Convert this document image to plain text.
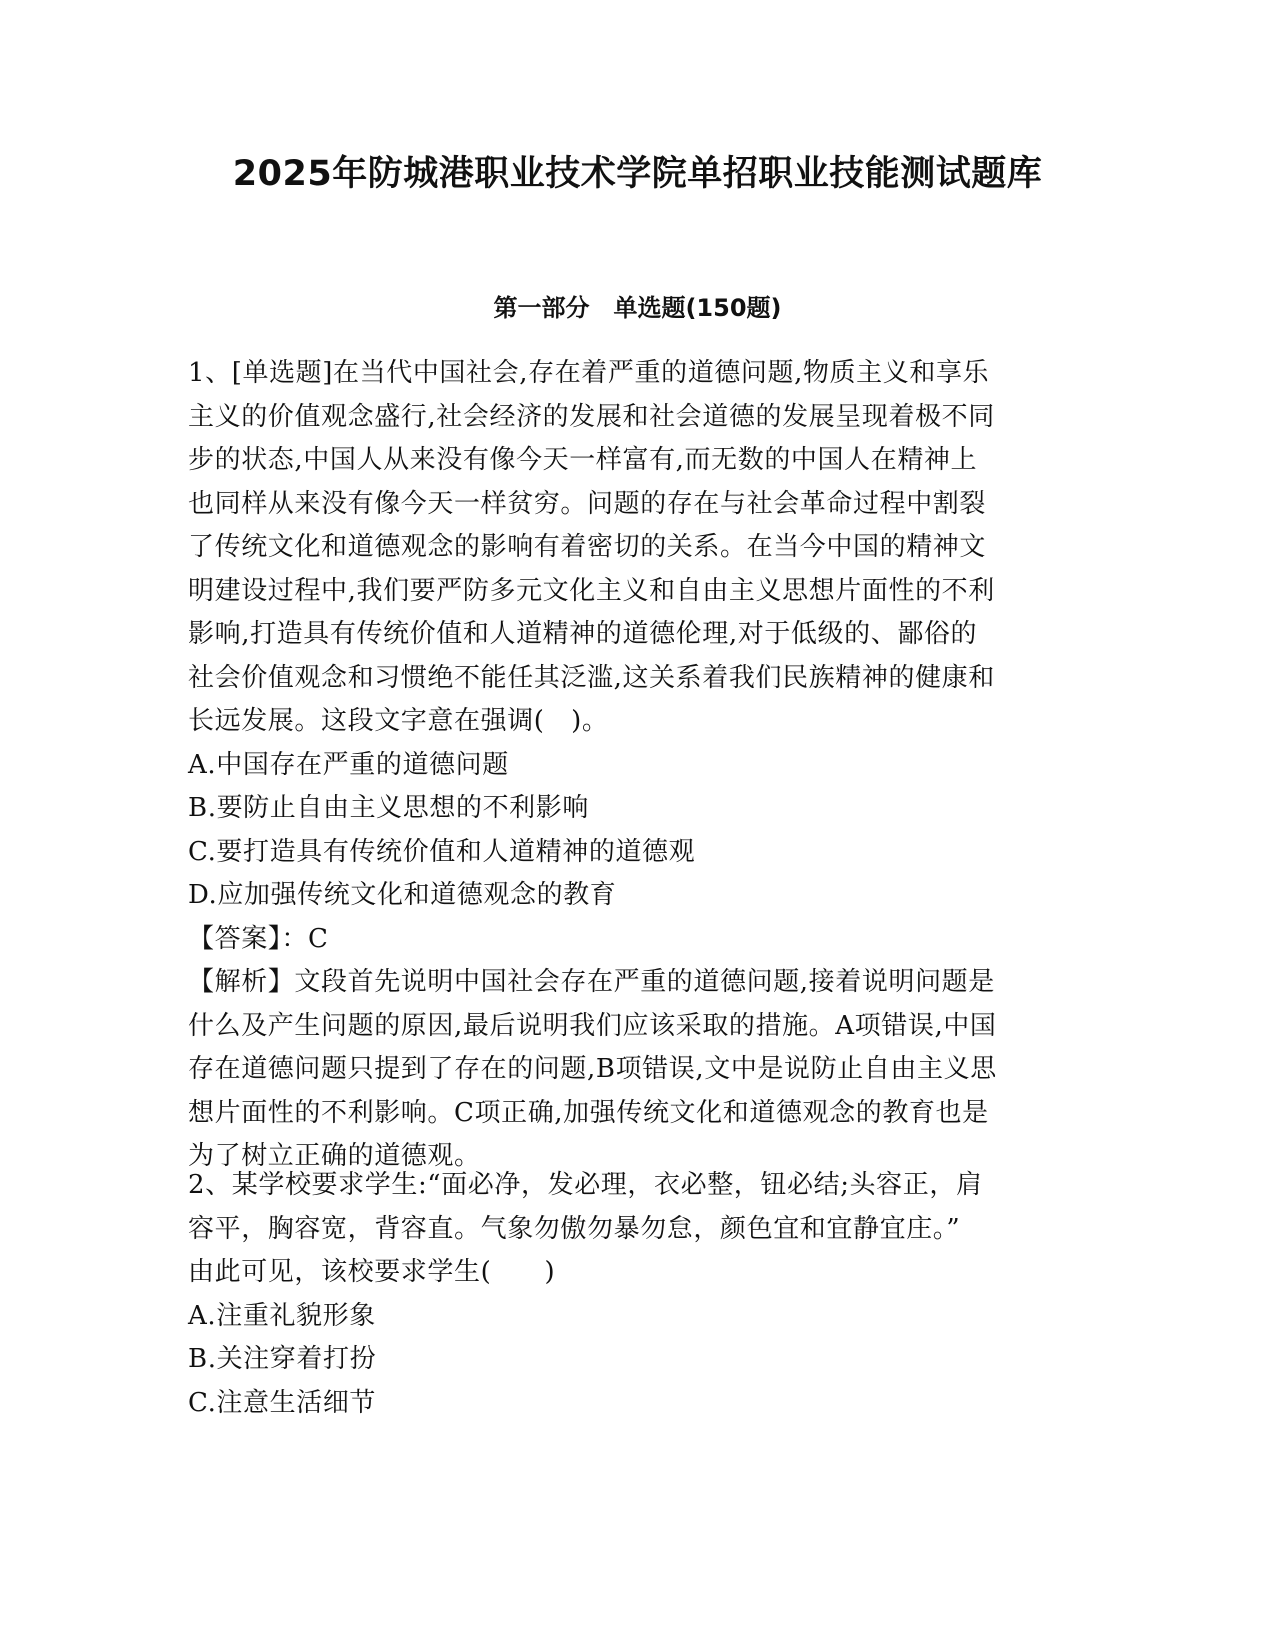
2025年防城港职业技术学院单招职业技能测试题库
第一部分　单选题(150题)
1、[单选题]在当代中国社会,存在着严重的道德问题,物质主义和享乐
主义的价值观念盛行,社会经济的发展和社会道德的发展呈现着极不同
步的状态,中国人从来没有像今天一样富有,而无数的中国人在精神上
也同样从来没有像今天一样贫穷。问题的存在与社会革命过程中割裂
了传统文化和道德观念的影响有着密切的关系。在当今中国的精神文
明建设过程中,我们要严防多元文化主义和自由主义思想片面性的不利
影响,打造具有传统价值和人道精神的道德伦理,对于低级的、鄙俗的
社会价值观念和习惯绝不能任其泛滥,这关系着我们民族精神的健康和
长远发展。这段文字意在强调(　)。
A.中国存在严重的道德问题
B.要防止自由主义思想的不利影响
C.要打造具有传统价值和人道精神的道德观
D.应加强传统文化和道德观念的教育
【答案】：C
【解析】文段首先说明中国社会存在严重的道德问题,接着说明问题是
什么及产生问题的原因,最后说明我们应该采取的措施。A项错误,中国
存在道德问题只提到了存在的问题,B项错误,文中是说防止自由主义思
想片面性的不利影响。C项正确,加强传统文化和道德观念的教育也是
为了树立正确的道德观。
2、某学校要求学生:“面必净，发必理，衣必整，钮必结;头容正，肩
容平，胸容宽，背容直。气象勿傲勿暴勿怠，颜色宜和宜静宜庄。”
由此可见，该校要求学生(　　)
A.注重礼貌形象
B.关注穿着打扮
C.注意生活细节
